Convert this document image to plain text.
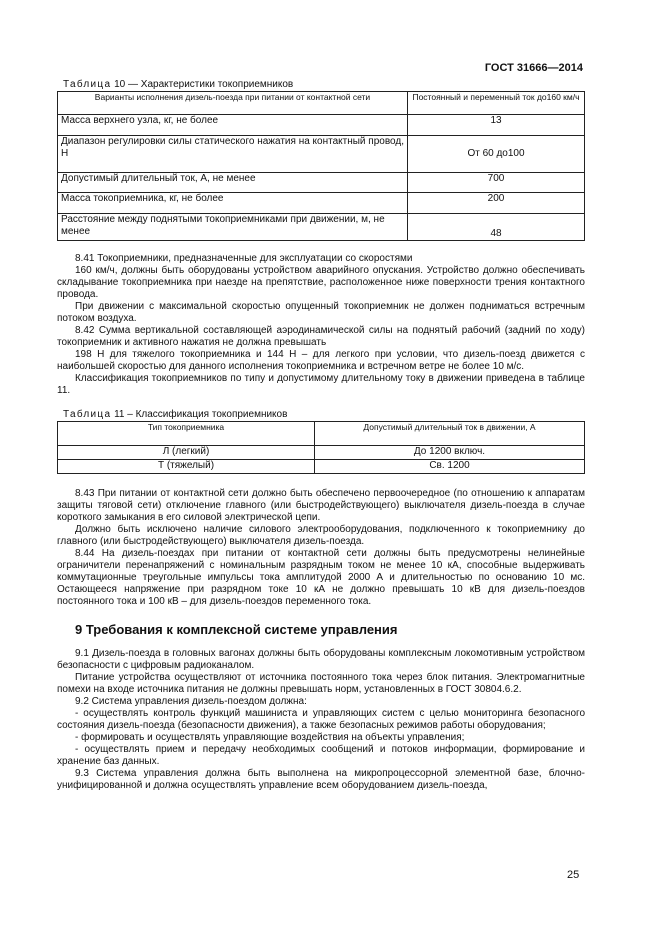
ГОСТ 31666—2014
Таблица 10 — Характеристики токоприемников
Варианты исполнения дизель-поезда при питании от контактной сети	Постоянный и переменный ток до160 км/ч
Масса верхнего узла, кг, не более	13
Диапазон регулировки силы статического нажатия на контактный провод, Н	От 60 до100
Допустимый длительный ток, А, не менее	700
Масса токоприемника, кг, не более	200
Расстояние между поднятыми токоприемниками при движении, м, не менее	48

8.41 Токоприемники, предназначенные для эксплуатации со скоростями

160 км/ч, должны быть оборудованы устройством аварийного опускания. Устройство должно обеспечивать складывание токоприемника при наезде на препятствие, расположенное ниже поверхности трения контактного провода.

При движении с максимальной скоростью опущенный токоприемник не должен подниматься встречным потоком воздуха.

8.42 Сумма вертикальной составляющей аэродинамической силы на поднятый рабочий (задний по ходу) токоприемник и активного нажатия не должна превышать

198 Н для тяжелого токоприемника и 144 Н – для легкого при условии, что дизель-поезд движется с наибольшей скоростью для данного исполнения токоприемника и встречном ветре не более 10 м/с.

Классификация токоприемников по типу и допустимому длительному току в движении приведена в таблице 11.

Таблица 11 – Классификация токоприемников
Тип токоприемника	Допустимый длительный ток в движении, А
Л (легкий)	До 1200 включ.
Т (тяжелый)	Св. 1200

8.43 При питании от контактной сети должно быть обеспечено первоочередное (по отношению к аппаратам защиты тяговой сети) отключение главного (или быстродействующего) выключателя дизель-поезда в случае короткого замыкания в его силовой электрической цепи.

Должно быть исключено наличие силового электрооборудования, подключенного к токоприемнику до главного (или быстродействующего) выключателя дизель-поезда.

8.44 На дизель-поездах при питании от контактной сети должны быть предусмотрены нелинейные ограничители перенапряжений с номинальным разрядным током не менее 10 кА, способные выдерживать коммутационные треугольные импульсы тока амплитудой 2000 А и длительностью по основанию 10 мс. Остающееся напряжение при разрядном токе 10 кА не должно превышать 10 кВ для дизель-поездов постоянного тока и 100 кВ – для дизель-поездов переменного тока.

9 Требования к комплексной системе управления

9.1 Дизель-поезда в головных вагонах должны быть оборудованы комплексным локомотивным устройством безопасности с цифровым радиоканалом.

Питание устройства осуществляют от источника постоянного тока через блок питания. Электромагнитные помехи на входе источника питания не должны превышать норм, установленных в ГОСТ 30804.6.2.

9.2 Система управления дизель-поездом должна:

- осуществлять контроль функций машиниста и управляющих систем с целью мониторинга безопасного состояния дизель-поезда (безопасности движения), а также безопасных режимов работы оборудования;

- формировать и осуществлять управляющие воздействия на объекты управления;

- осуществлять прием и передачу необходимых сообщений и потоков информации, формирование и хранение баз данных.

9.3 Система управления должна быть выполнена на микропроцессорной элементной базе, блочно- унифицированной и должна осуществлять управление всем оборудованием дизель-поезда,

25
